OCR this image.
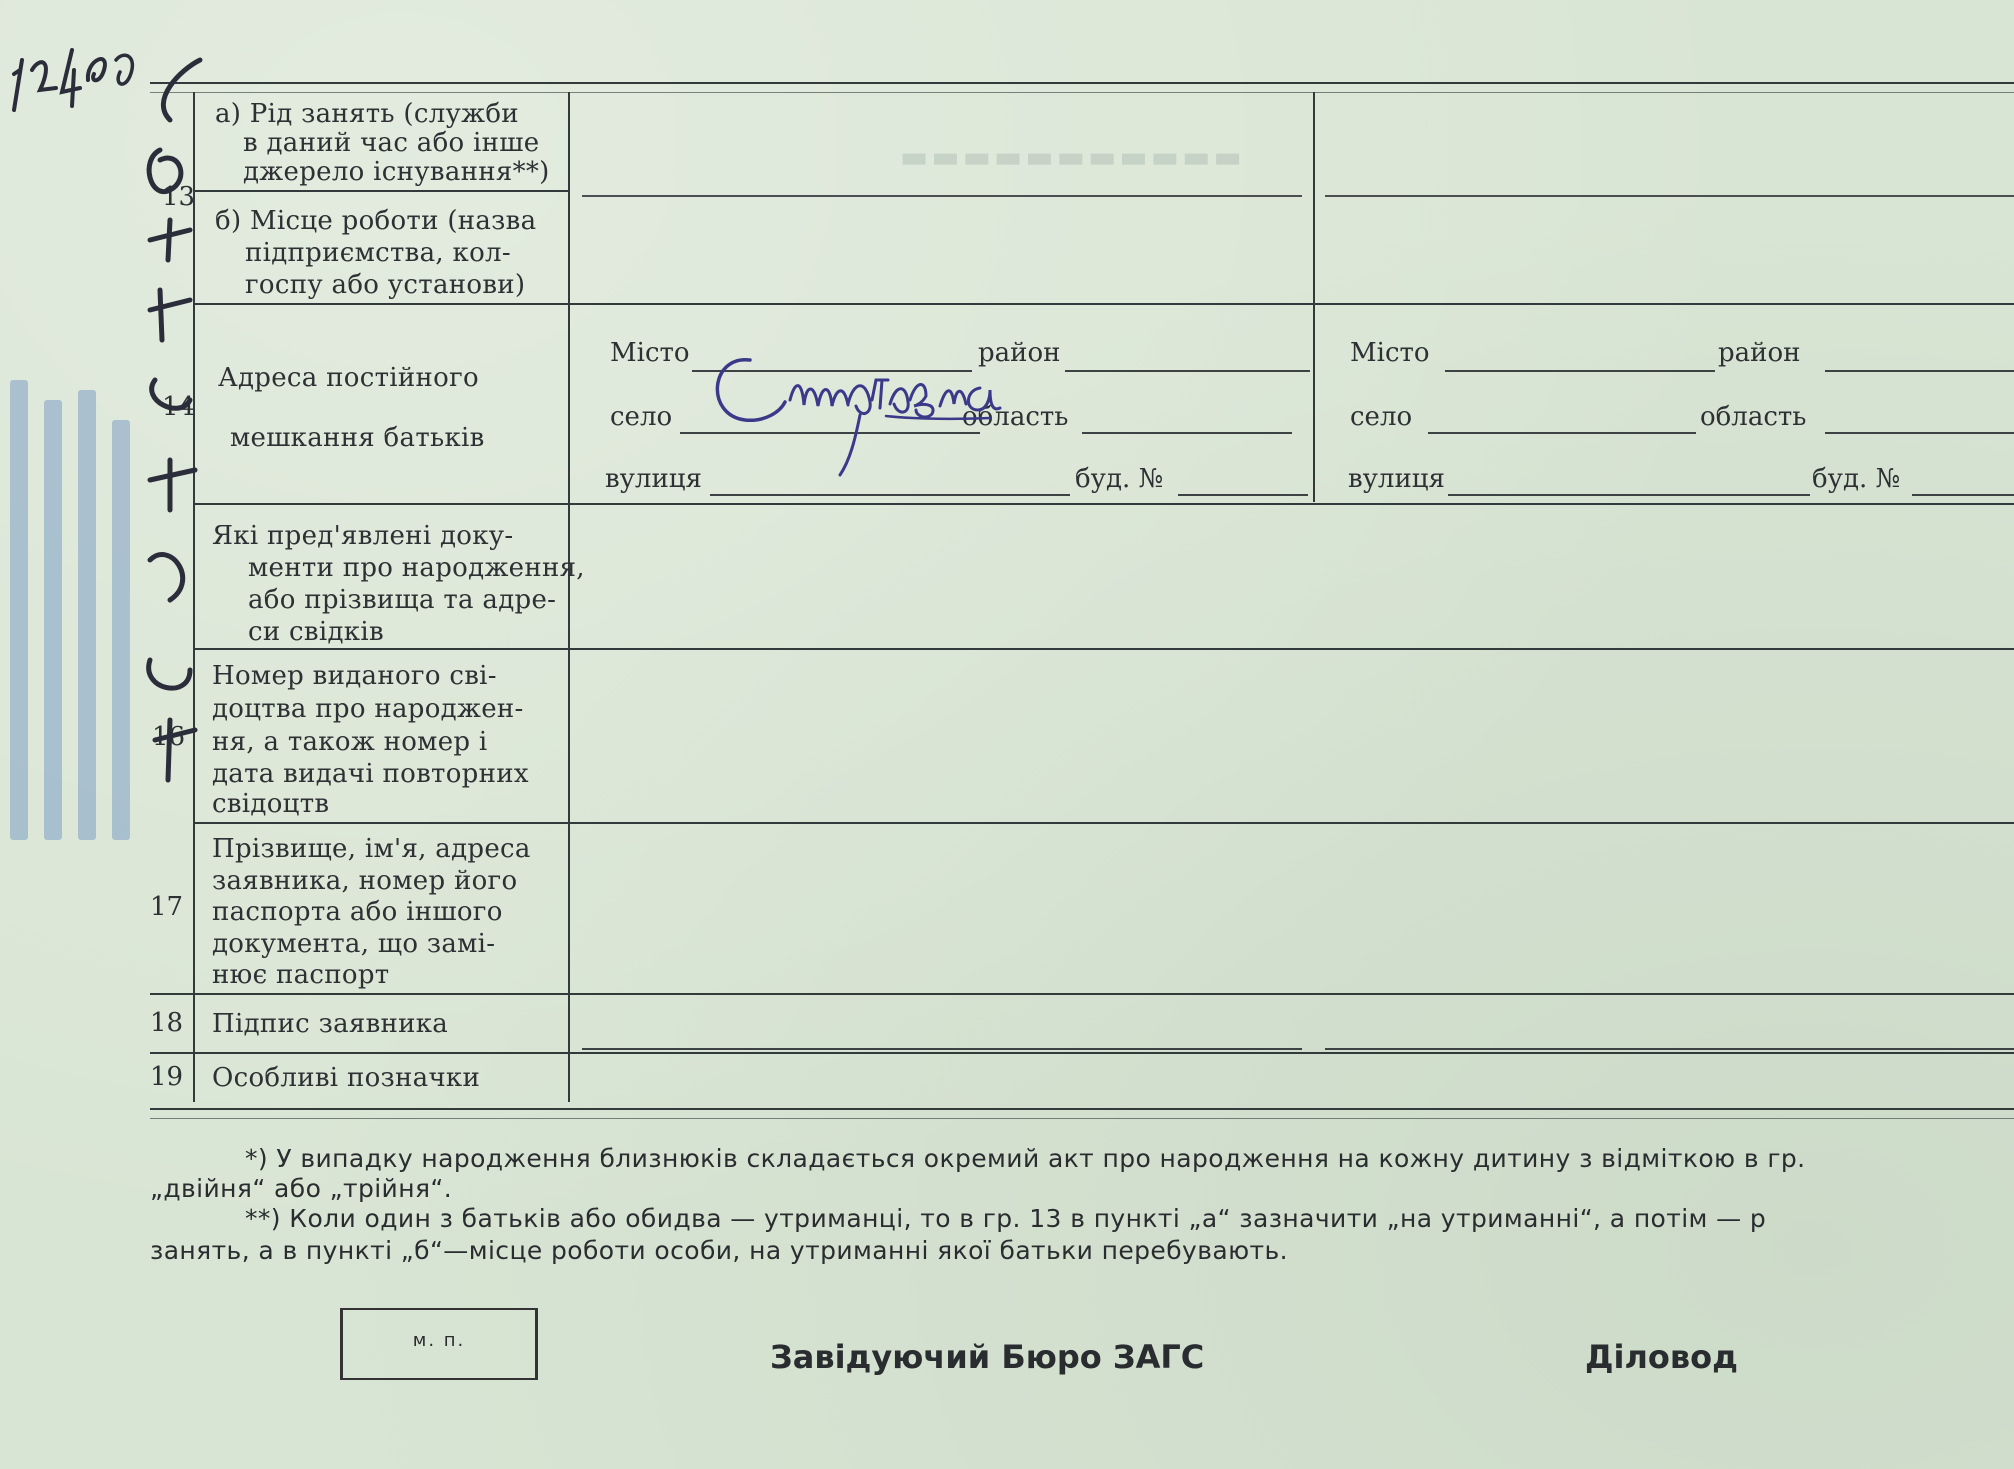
▬▬▬▬▬▬▬▬▬▬▬
13
а) Рід занять (служби
в даний час або інше
джерело існування**)
б) Місце роботи (назва
підприємства, кол-
госпу або установи)
14
Адреса постійного
мешкання батьків
Місто	район
село	область
вулиця	буд. №
Місто	район
село	область
вулиця	буд. №
Які пред'явлені доку-
менти про народження,
або прізвища та адре-
си свідків
16
Номер виданого сві-
доцтва про народжен-
ня, а також номер і
дата видачі повторних
свідоцтв
17
Прізвище, ім'я, адреса
заявника, номер його
паспорта або іншого
документа, що замі-
нює паспорт
18 Підпис заявника
19 Особливі позначки
*) У випадку народження близнюків складається окремий акт про народження на кожну дитину з відміткою в гр.
„двійня“ або „трійня“.
**) Коли один з батьків або обидва — утриманці, то в гр. 13 в пункті „а“ зазначити „на утриманні“, а потім — р
занять, а в пункті „б“—місце роботи особи, на утриманні якої батьки перебувають.
м. п.	Завідуючий Бюро ЗАГС	Діловод
